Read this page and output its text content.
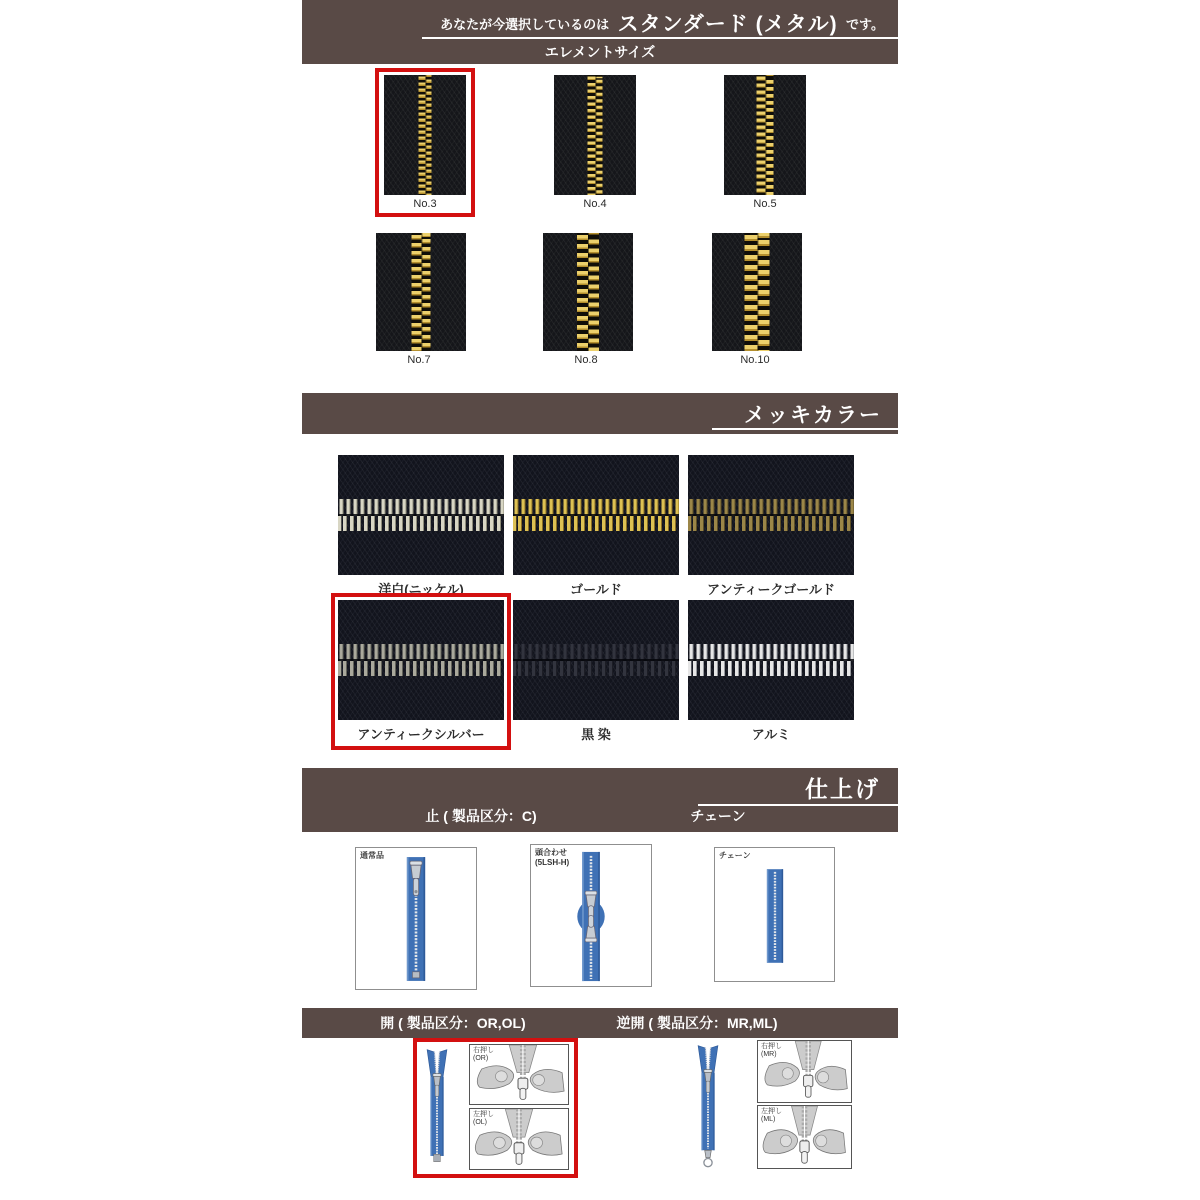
あなたが今選択しているのは スタンダード (メタル) です。
エレメントサイズ
No.3	No.4	No.5
No.7	No.8	No.10
メッキカラー
洋白(ニッケル)	ゴールド	アンティークゴールド
アンティークシルバー	黒 染	アルミ
仕上げ
止 ( 製品区分：C)	チェーン
通常品	頭合わせ
(5LSH-H)
チェーン
開 ( 製品区分：OR,OL)	逆開 ( 製品区分：MR,ML)
右押し
(OR)
左押し
(OL)
右押し
(MR)
左押し
(ML)
